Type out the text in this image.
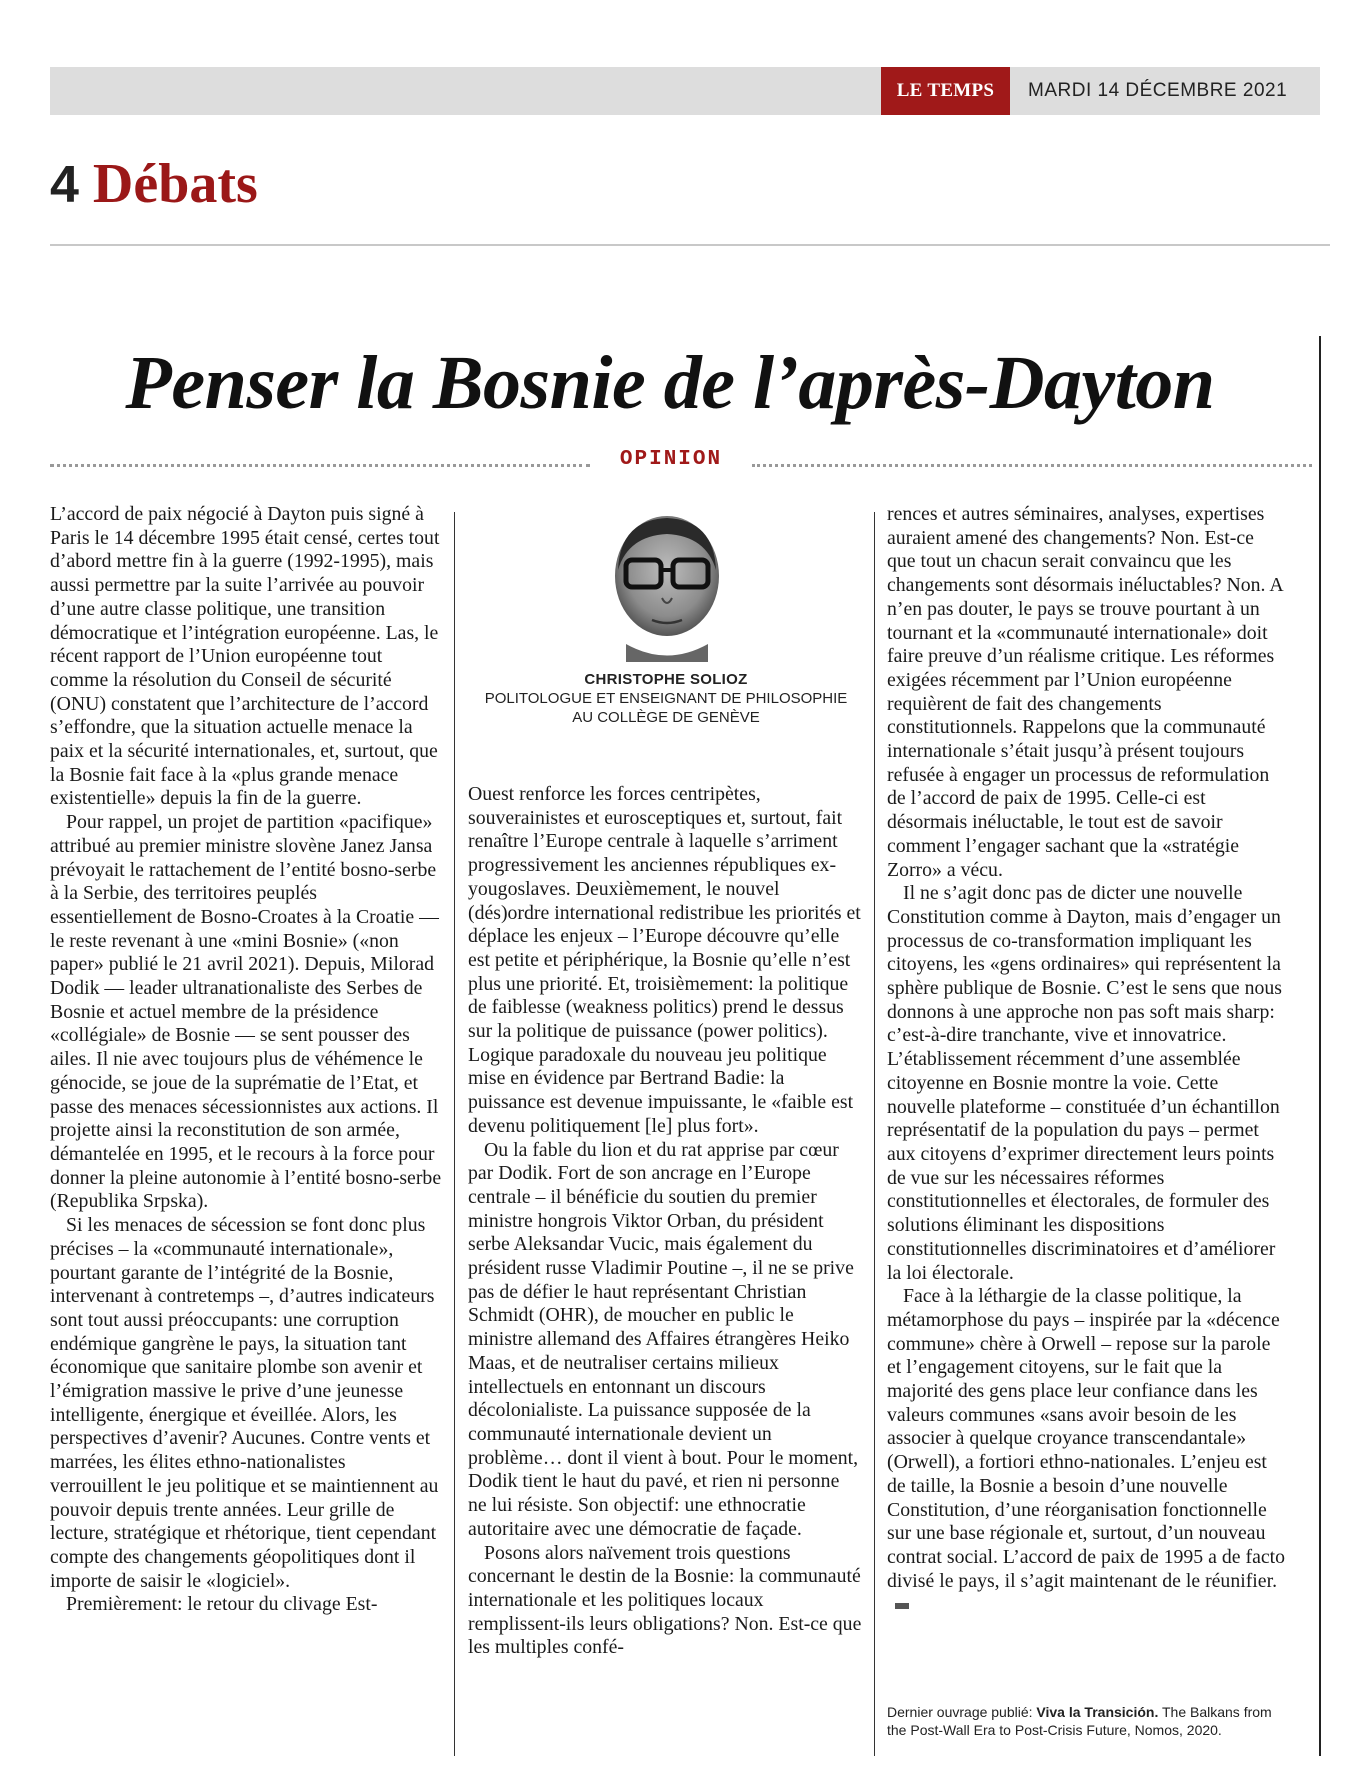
LE TEMPS	MARDI 14 DÉCEMBRE 2021
4 Débats
Penser la Bosnie de l’après-Dayton
OPINION

L’accord de paix négocié à Dayton puis signé à Paris le 14 décembre 1995 était censé, certes tout d’abord mettre fin à la guerre (1992-1995), mais aussi permettre par la suite l’arrivée au pouvoir d’une autre classe politique, une transition démocratique et l’intégration européenne. Las, le récent rapport de l’Union européenne tout comme la résolution du Conseil de sécurité (ONU) constatent que l’architecture de l’accord s’effondre, que la situation actuelle menace la paix et la sécurité internationales, et, surtout, que la Bosnie fait face à la «plus grande menace existentielle» depuis la fin de la guerre.

Pour rappel, un projet de partition «pacifique» attribué au premier ministre slovène Janez Jansa prévoyait le rattachement de l’entité bosno-serbe à la Serbie, des territoires peuplés essentiellement de Bosno-Croates à la Croatie — le reste revenant à une «mini Bosnie» («non paper» publié le 21 avril 2021). Depuis, Milorad Dodik — leader ultranationaliste des Serbes de Bosnie et actuel membre de la présidence «collégiale» de Bosnie — se sent pousser des ailes. Il nie avec toujours plus de véhémence le génocide, se joue de la suprématie de l’Etat, et passe des menaces sécessionnistes aux actions. Il projette ainsi la reconstitution de son armée, démantelée en 1995, et le recours à la force pour donner la pleine autonomie à l’entité bosno-serbe (Republika Srpska).

Si les menaces de sécession se font donc plus précises – la «communauté internationale», pourtant garante de l’intégrité de la Bosnie, intervenant à contretemps –, d’autres indicateurs sont tout aussi préoccupants: une corruption endémique gangrène le pays, la situation tant économique que sanitaire plombe son avenir et l’émigration massive le prive d’une jeunesse intelligente, énergique et éveillée. Alors, les perspectives d’avenir? Aucunes. Contre vents et marrées, les élites ethno-nationalistes verrouillent le jeu politique et se maintiennent au pouvoir depuis trente années. Leur grille de lecture, stratégique et rhétorique, tient cependant compte des changements géopolitiques dont il importe de saisir le «logiciel».

Premièrement: le retour du clivage Est-

CHRISTOPHE SOLIOZ
POLITOLOGUE ET ENSEIGNANT DE PHILOSOPHIE
AU COLLÈGE DE GENÈVE

Ouest renforce les forces centripètes, souverainistes et eurosceptiques et, surtout, fait renaître l’Europe centrale à laquelle s’arriment progressivement les anciennes républiques ex-yougoslaves. Deuxièmement, le nouvel (dés)ordre international redistribue les priorités et déplace les enjeux – l’Europe découvre qu’elle est petite et périphérique, la Bosnie qu’elle n’est plus une priorité. Et, troisièmement: la politique de faiblesse (weakness politics) prend le dessus sur la politique de puissance (power politics). Logique paradoxale du nouveau jeu politique mise en évidence par Bertrand Badie: la puissance est devenue impuissante, le «faible est devenu politiquement [le] plus fort».

Ou la fable du lion et du rat apprise par cœur par Dodik. Fort de son ancrage en l’Europe centrale – il bénéficie du soutien du premier ministre hongrois Viktor Orban, du président serbe Aleksandar Vucic, mais également du président russe Vladimir Poutine –, il ne se prive pas de défier le haut représentant Christian Schmidt (OHR), de moucher en public le ministre allemand des Affaires étrangères Heiko Maas, et de neutraliser certains milieux intellectuels en entonnant un discours décolonialiste. La puissance supposée de la communauté internationale devient un problème… dont il vient à bout. Pour le moment, Dodik tient le haut du pavé, et rien ni personne ne lui résiste. Son objectif: une ethnocratie autoritaire avec une démocratie de façade.

Posons alors naïvement trois questions concernant le destin de la Bosnie: la communauté internationale et les politiques locaux remplissent-ils leurs obligations? Non. Est-ce que les multiples confé-

rences et autres séminaires, analyses, expertises auraient amené des changements? Non. Est-ce que tout un chacun serait convaincu que les changements sont désormais inéluctables? Non. A n’en pas douter, le pays se trouve pourtant à un tournant et la «communauté internationale» doit faire preuve d’un réalisme critique. Les réformes exigées récemment par l’Union européenne requièrent de fait des changements constitutionnels. Rappelons que la communauté internationale s’était jusqu’à présent toujours refusée à engager un processus de reformulation de l’accord de paix de 1995. Celle-ci est désormais inéluctable, le tout est de savoir comment l’engager sachant que la «stratégie Zorro» a vécu.

Il ne s’agit donc pas de dicter une nouvelle Constitution comme à Dayton, mais d’engager un processus de co-transformation impliquant les citoyens, les «gens ordinaires» qui représentent la sphère publique de Bosnie. C’est le sens que nous donnons à une approche non pas soft mais sharp: c’est-à-dire tranchante, vive et innovatrice. L’établissement récemment d’une assemblée citoyenne en Bosnie montre la voie. Cette nouvelle plateforme – constituée d’un échantillon représentatif de la population du pays – permet aux citoyens d’exprimer directement leurs points de vue sur les nécessaires réformes constitutionnelles et électorales, de formuler des solutions éliminant les dispositions constitutionnelles discriminatoires et d’améliorer la loi électorale.

Face à la léthargie de la classe politique, la métamorphose du pays – inspirée par la «décence commune» chère à Orwell – repose sur la parole et l’engagement citoyens, sur le fait que la majorité des gens place leur confiance dans les valeurs communes «sans avoir besoin de les associer à quelque croyance transcendantale» (Orwell), a fortiori ethno-nationales. L’enjeu est de taille, la Bosnie a besoin d’une nouvelle Constitution, d’une réorganisation fonctionnelle sur une base régionale et, surtout, d’un nouveau contrat social. L’accord de paix de 1995 a de facto divisé le pays, il s’agit maintenant de le réunifier.

Dernier ouvrage publié: Viva la Transición. The Balkans from the Post-Wall Era to Post-Crisis Future, Nomos, 2020.
